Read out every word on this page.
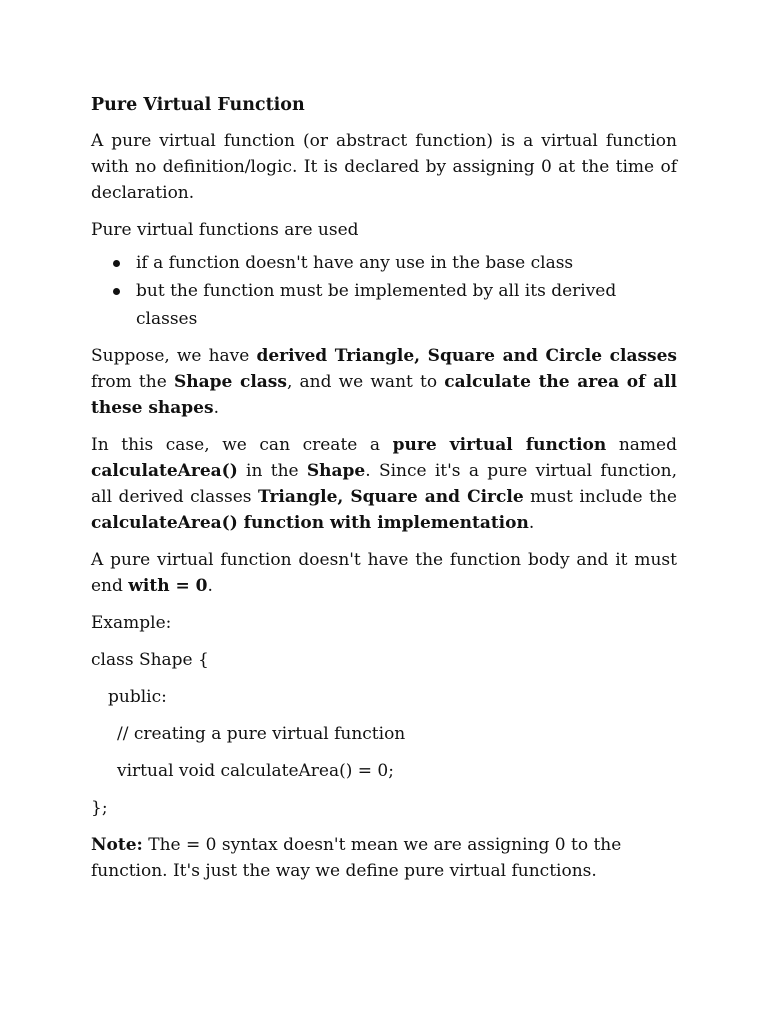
Pure Virtual Function

A pure virtual function (or abstract function) is a virtual function with no definition/logic. It is declared by assigning 0 at the time of declaration.

Pure virtual functions are used

if a function doesn't have any use in the base class
but the function must be implemented by all its derived classes

Suppose, we have derived Triangle, Square and Circle classes from the Shape class, and we want to calculate the area of all these shapes.

In this case, we can create a pure virtual function named calculateArea() in the Shape. Since it's a pure virtual function, all derived classes Triangle, Square and Circle must include the calculateArea() function with implementation.

A pure virtual function doesn't have the function body and it must end with = 0.

Example:

class Shape {
public:
// creating a pure virtual function
virtual void calculateArea() = 0;
};

Note: The = 0 syntax doesn't mean we are assigning 0 to the function. It's just the way we define pure virtual functions.
